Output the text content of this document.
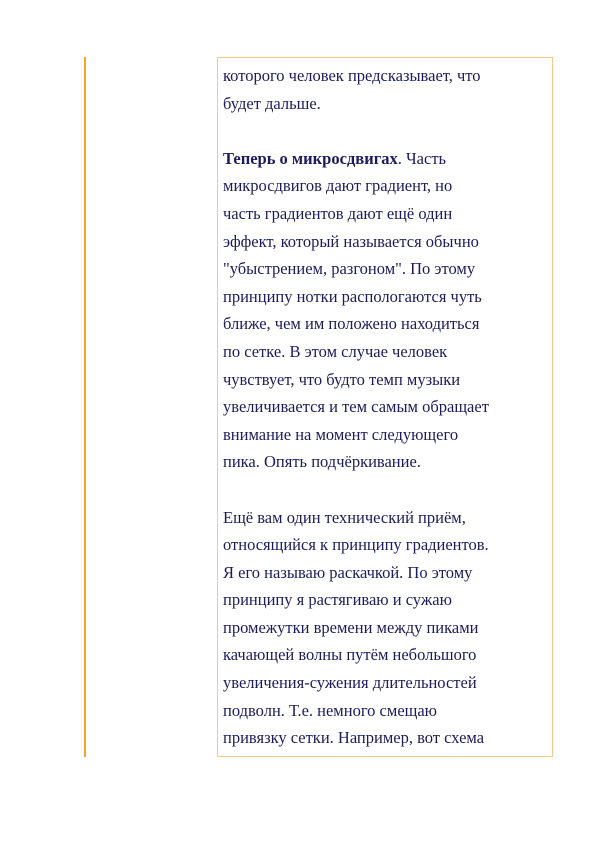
которого человек предсказывает, что
будет дальше.

Теперь о микросдвигах. Часть
микросдвигов дают градиент, но
часть градиентов дают ещё один
эффект, который называется обычно
"убыстрением, разгоном". По этому
принципу нотки распологаются чуть
ближе, чем им положено находиться
по сетке. В этом случае человек
чувствует, что будто темп музыки
увеличивается и тем самым обращает
внимание на момент следующего
пика. Опять подчёркивание.

Ещё вам один технический приём,
относящийся к принципу градиентов.
Я его называю раскачкой. По этому
принципу я растягиваю и сужаю
промежутки времени между пиками
качающей волны путём небольшого
увеличения-сужения длительностей
подволн. Т.е. немного смещаю
привязку сетки. Например, вот схема
